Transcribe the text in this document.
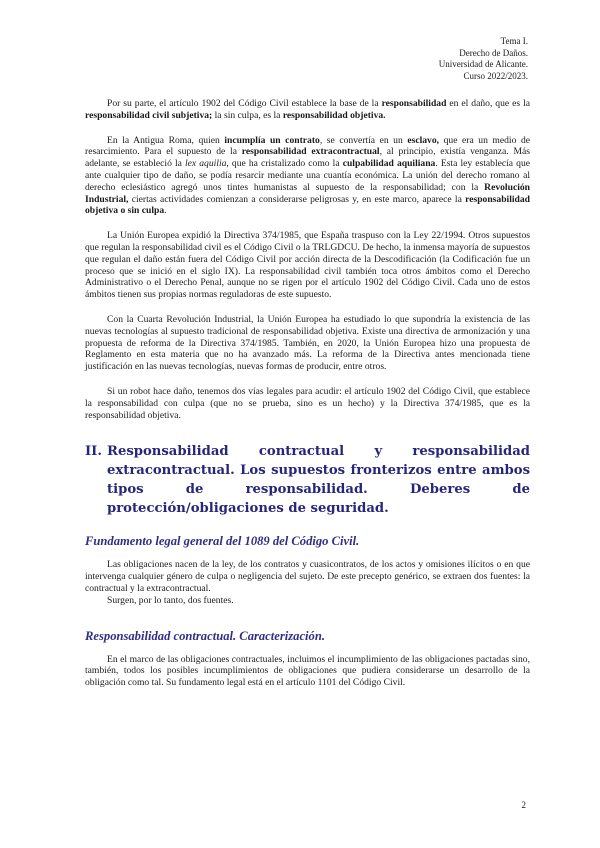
Tema I.
Derecho de Daños.
Universidad de Alicante.
Curso 2022/2023.

Por su parte, el artículo 1902 del Código Civil establece la base de la responsabilidad en el daño, que es la responsabilidad civil subjetiva; la sin culpa, es la responsabilidad objetiva.

En la Antigua Roma, quien incumplía un contrato, se convertía en un esclavo, que era un medio de resarcimiento. Para el supuesto de la responsabilidad extracontractual, al principio, existía venganza. Más adelante, se estableció la lex aquilia, que ha cristalizado como la culpabilidad aquiliana. Esta ley establecía que ante cualquier tipo de daño, se podía resarcir mediante una cuantía económica. La unión del derecho romano al derecho eclesiástico agregó unos tintes humanistas al supuesto de la responsabilidad; con la Revolución Industrial, ciertas actividades comienzan a considerarse peligrosas y, en este marco, aparece la responsabilidad objetiva o sin culpa.

La Unión Europea expidió la Directiva 374/1985, que España traspuso con la Ley 22/1994. Otros supuestos que regulan la responsabilidad civil es el Código Civil o la TRLGDCU. De hecho, la inmensa mayoría de supuestos que regulan el daño están fuera del Código Civil por acción directa de la Descodificación (la Codificación fue un proceso que se inició en el siglo IX). La responsabilidad civil también toca otros ámbitos como el Derecho Administrativo o el Derecho Penal, aunque no se rigen por el artículo 1902 del Código Civil. Cada uno de estos ámbitos tienen sus propias normas reguladoras de este supuesto.

Con la Cuarta Revolución Industrial, la Unión Europea ha estudiado lo que supondría la existencia de las nuevas tecnologías al supuesto tradicional de responsabilidad objetiva. Existe una directiva de armonización y una propuesta de reforma de la Directiva 374/1985. También, en 2020, la Unión Europea hizo una propuesta de Reglamento en esta materia que no ha avanzado más. La reforma de la Directiva antes mencionada tiene justificación en las nuevas tecnologías, nuevas formas de producir, entre otros.

Si un robot hace daño, tenemos dos vías legales para acudir: el artículo 1902 del Código Civil, que establece la responsabilidad con culpa (que no se prueba, sino es un hecho) y la Directiva 374/1985, que es la responsabilidad objetiva.

II. Responsabilidad contractual y responsabilidad extracontractual. Los supuestos fronterizos entre ambos tipos de responsabilidad. Deberes de protección/obligaciones de seguridad.
Fundamento legal general del 1089 del Código Civil.

Las obligaciones nacen de la ley, de los contratos y cuasicontratos, de los actos y omisiones ilícitos o en que intervenga cualquier género de culpa o negligencia del sujeto. De este precepto genérico, se extraen dos fuentes: la contractual y la extracontractual.

Surgen, por lo tanto, dos fuentes.

Responsabilidad contractual. Caracterización.

En el marco de las obligaciones contractuales, incluimos el incumplimiento de las obligaciones pactadas sino, también, todos los posibles incumplimientos de obligaciones que pudiera considerarse un desarrollo de la obligación como tal. Su fundamento legal está en el artículo 1101 del Código Civil.

2
